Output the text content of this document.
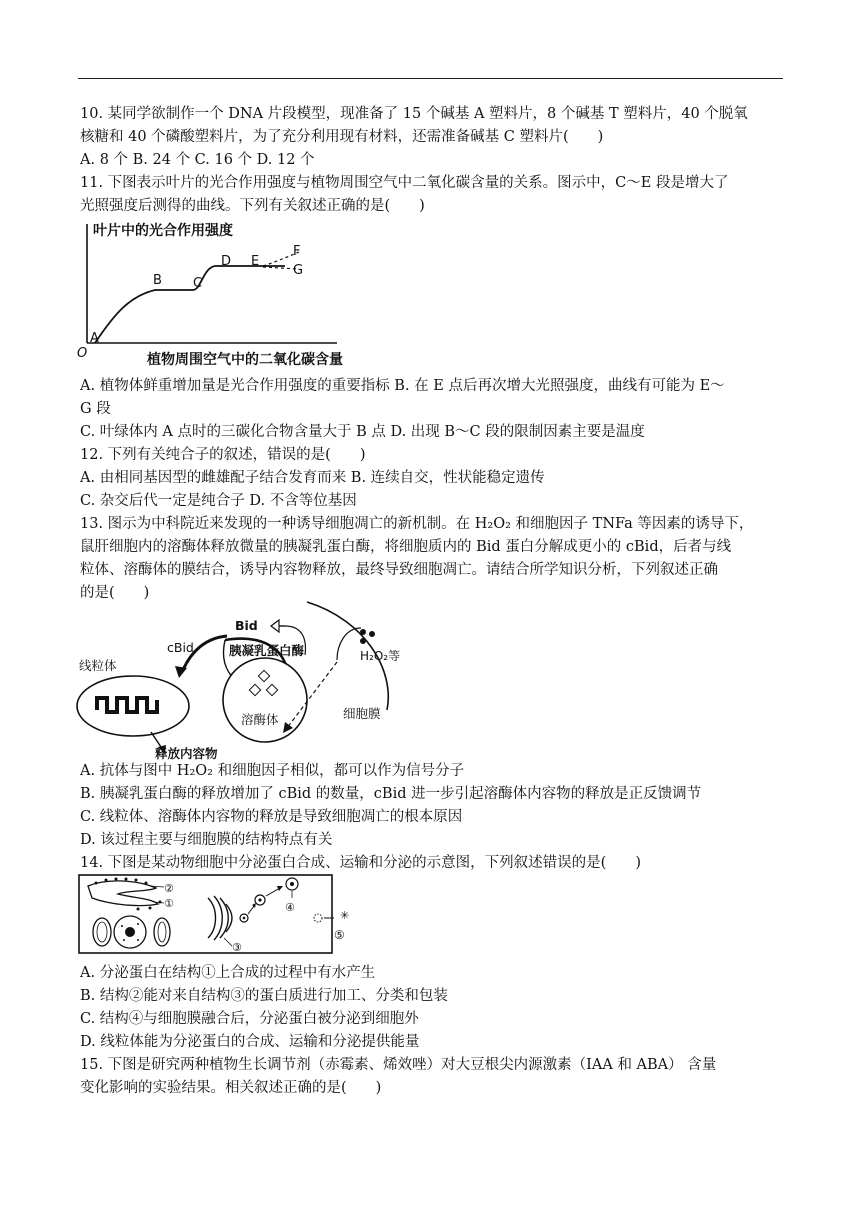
10. 某同学欲制作一个 DNA 片段模型，现准备了 15 个碱基 A 塑料片，8 个碱基 T 塑料片，40 个脱氧
核糖和 40 个磷酸塑料片，为了充分利用现有材料，还需准备碱基 C 塑料片(　　)
A. 8 个 B. 24 个 C. 16 个 D. 12 个
11. 下图表示叶片的光合作用强度与植物周围空气中二氧化碳含量的关系。图示中，C～E 段是增大了
光照强度后测得的曲线。下列有关叙述正确的是(　　)
叶片中的光合作用强度
植物周围空气中的二氧化碳含量
O
A
B C
D E
F
G
A. 植物体鲜重增加量是光合作用强度的重要指标 B. 在 E 点后再次增大光照强度，曲线有可能为 E～
G 段
C. 叶绿体内 A 点时的三碳化合物含量大于 B 点 D. 出现 B～C 段的限制因素主要是温度
12. 下列有关纯合子的叙述，错误的是(　　)
A. 由相同基因型的雌雄配子结合发育而来 B. 连续自交，性状能稳定遗传
C. 杂交后代一定是纯合子 D. 不含等位基因
13. 图示为中科院近来发现的一种诱导细胞凋亡的新机制。在 H₂O₂ 和细胞因子 TNFa 等因素的诱导下，
鼠肝细胞内的溶酶体释放微量的胰凝乳蛋白酶，将细胞质内的 Bid 蛋白分解成更小的 cBid，后者与线
粒体、溶酶体的膜结合，诱导内容物释放，最终导致细胞凋亡。请结合所学知识分析，下列叙述正确
的是(　　)
细胞膜
H₂O₂等
Bid
胰凝乳蛋白酶
cBid
线粒体
溶酶体
释放内容物
A. 抗体与图中 H₂O₂ 和细胞因子相似，都可以作为信号分子
B. 胰凝乳蛋白酶的释放增加了 cBid 的数量，cBid 进一步引起溶酶体内容物的释放是正反馈调节
C. 线粒体、溶酶体内容物的释放是导致细胞凋亡的根本原因
D. 该过程主要与细胞膜的结构特点有关
14. 下图是某动物细胞中分泌蛋白合成、运输和分泌的示意图，下列叙述错误的是(　　)
②
①
③
④
✳
⑤
A. 分泌蛋白在结构①上合成的过程中有水产生
B. 结构②能对来自结构③的蛋白质进行加工、分类和包装
C. 结构④与细胞膜融合后，分泌蛋白被分泌到细胞外
D. 线粒体能为分泌蛋白的合成、运输和分泌提供能量
15. 下图是研究两种植物生长调节剂（赤霉素、烯效唑）对大豆根尖内源激素（IAA 和 ABA） 含量
变化影响的实验结果。相关叙述正确的是(　　)
